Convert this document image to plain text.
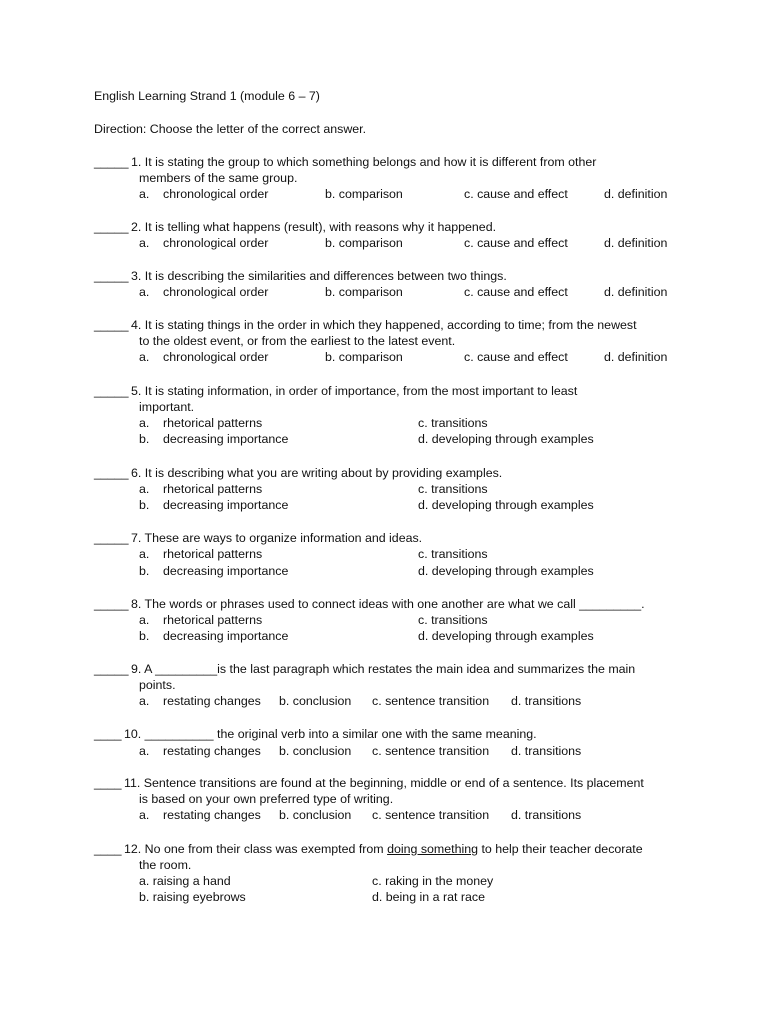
English Learning Strand 1 (module 6 – 7)
Direction: Choose the letter of the correct answer.
_____ 1. It is stating the group to which something belongs and how it is different from other
members of the same group.
a. chronological order	b. comparison	c. cause and effect	d. definition
_____ 2. It is telling what happens (result), with reasons why it happened.
a. chronological order	b. comparison	c. cause and effect	d. definition
_____ 3. It is describing the similarities and differences between two things.
a. chronological order	b. comparison	c. cause and effect	d. definition
_____ 4. It is stating things in the order in which they happened, according to time; from the newest
to the oldest event, or from the earliest to the latest event.
a. chronological order	b. comparison	c. cause and effect	d. definition
_____ 5. It is stating information, in order of importance, from the most important to least
important.
a. rhetorical patterns	c. transitions
b. decreasing importance	d. developing through examples
_____ 6. It is describing what you are writing about by providing examples.
a. rhetorical patterns	c. transitions
b. decreasing importance	d. developing through examples
_____ 7. These are ways to organize information and ideas.
a. rhetorical patterns	c. transitions
b. decreasing importance	d. developing through examples
_____ 8. The words or phrases used to connect ideas with one another are what we call _________.
a. rhetorical patterns	c. transitions
b. decreasing importance	d. developing through examples
_____ 9. A _________is the last paragraph which restates the main idea and summarizes the main
points.
a. restating changes b. conclusion c. sentence transition d. transitions
____ 10. __________ the original verb into a similar one with the same meaning.
a. restating changes b. conclusion c. sentence transition d. transitions
____ 11. Sentence transitions are found at the beginning, middle or end of a sentence. Its placement
is based on your own preferred type of writing.
a. restating changes b. conclusion c. sentence transition d. transitions
____ 12. No one from their class was exempted from doing something to help their teacher decorate
the room.
a. raising a hand	c. raking in the money
b. raising eyebrows	d. being in a rat race
